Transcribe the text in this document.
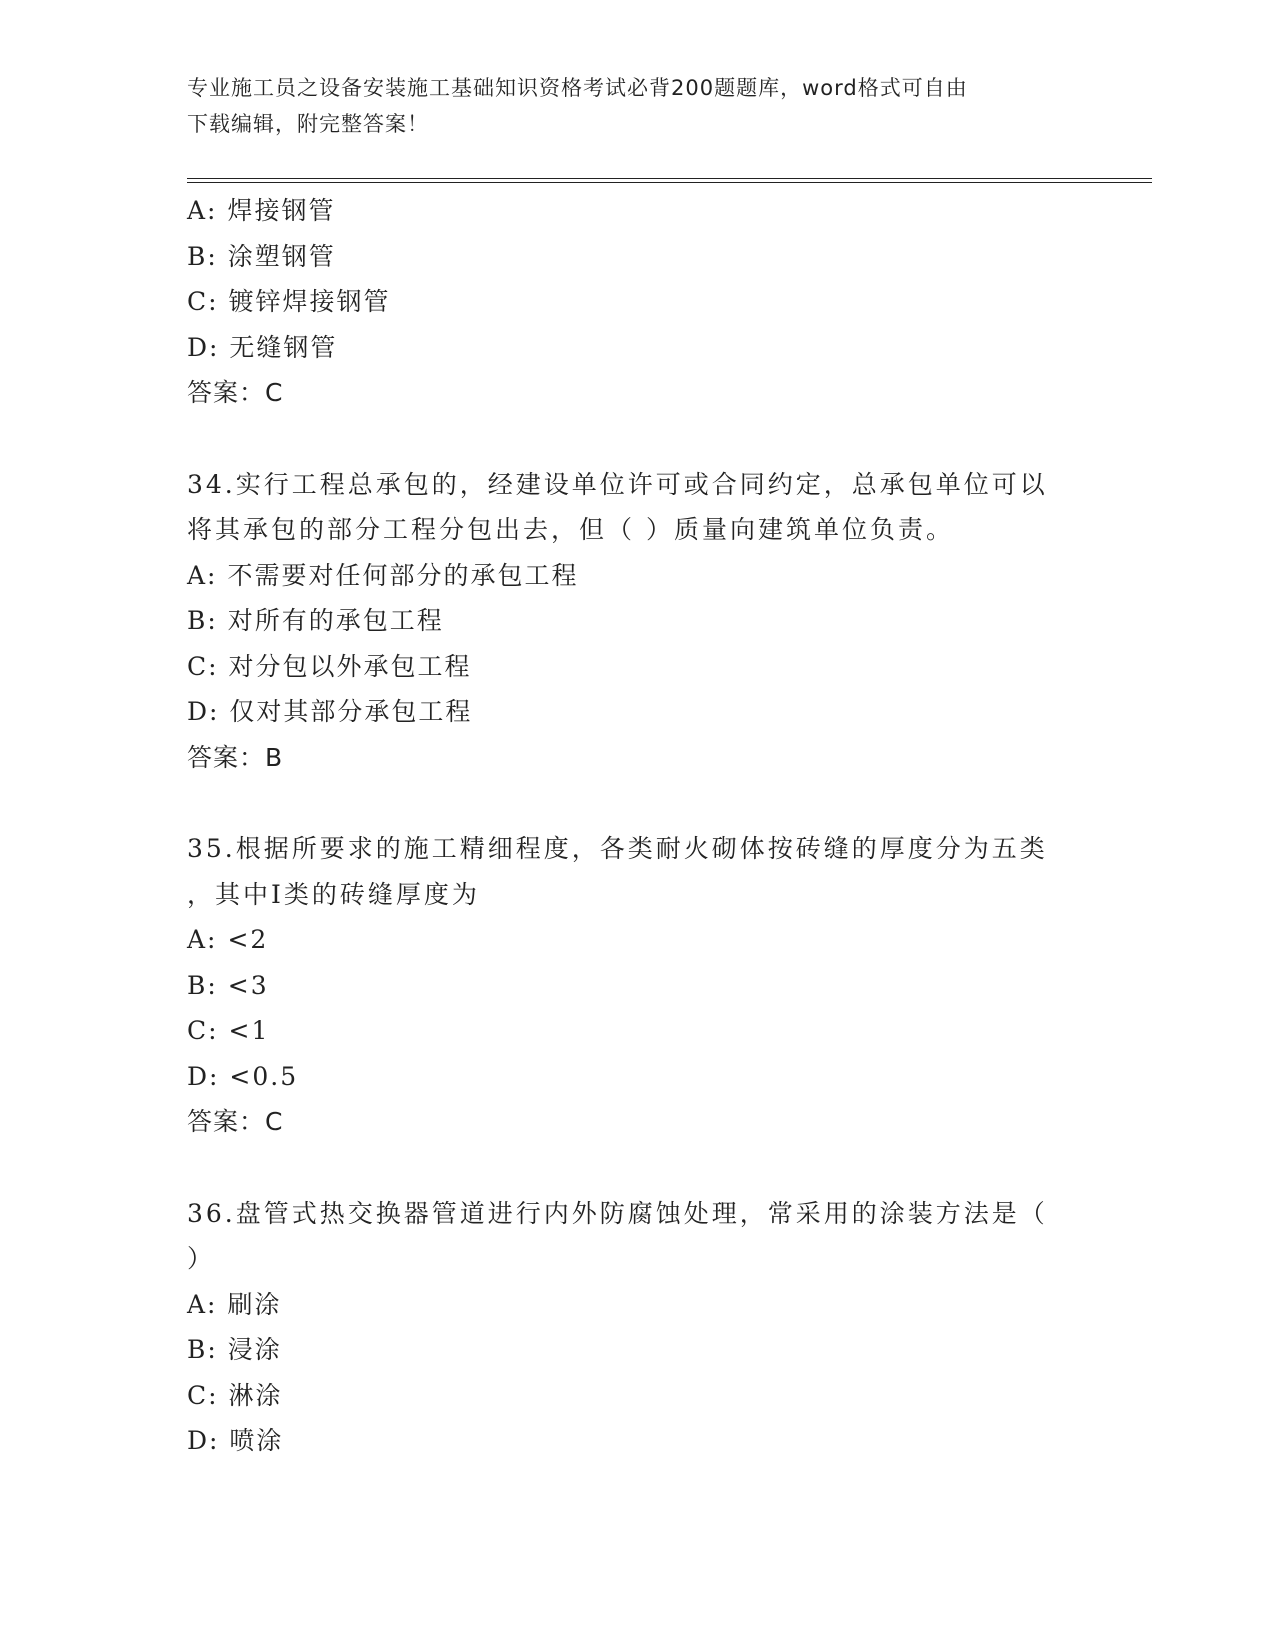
专业施工员之设备安装施工基础知识资格考试必背200题题库，word格式可自由
下载编辑，附完整答案！
A: 焊接钢管
B: 涂塑钢管
C: 镀锌焊接钢管
D: 无缝钢管
答案：C
34.实行工程总承包的，经建设单位许可或合同约定，总承包单位可以
将其承包的部分工程分包出去，但（ ）质量向建筑单位负责。
A: 不需要对任何部分的承包工程
B: 对所有的承包工程
C: 对分包以外承包工程
D: 仅对其部分承包工程
答案：B
35.根据所要求的施工精细程度，各类耐火砌体按砖缝的厚度分为五类
，其中Ⅰ类的砖缝厚度为
A: <2
B: <3
C: <1
D: <0.5
答案：C
36.盘管式热交换器管道进行内外防腐蚀处理，常采用的涂装方法是（
）
A: 刷涂
B: 浸涂
C: 淋涂
D: 喷涂
